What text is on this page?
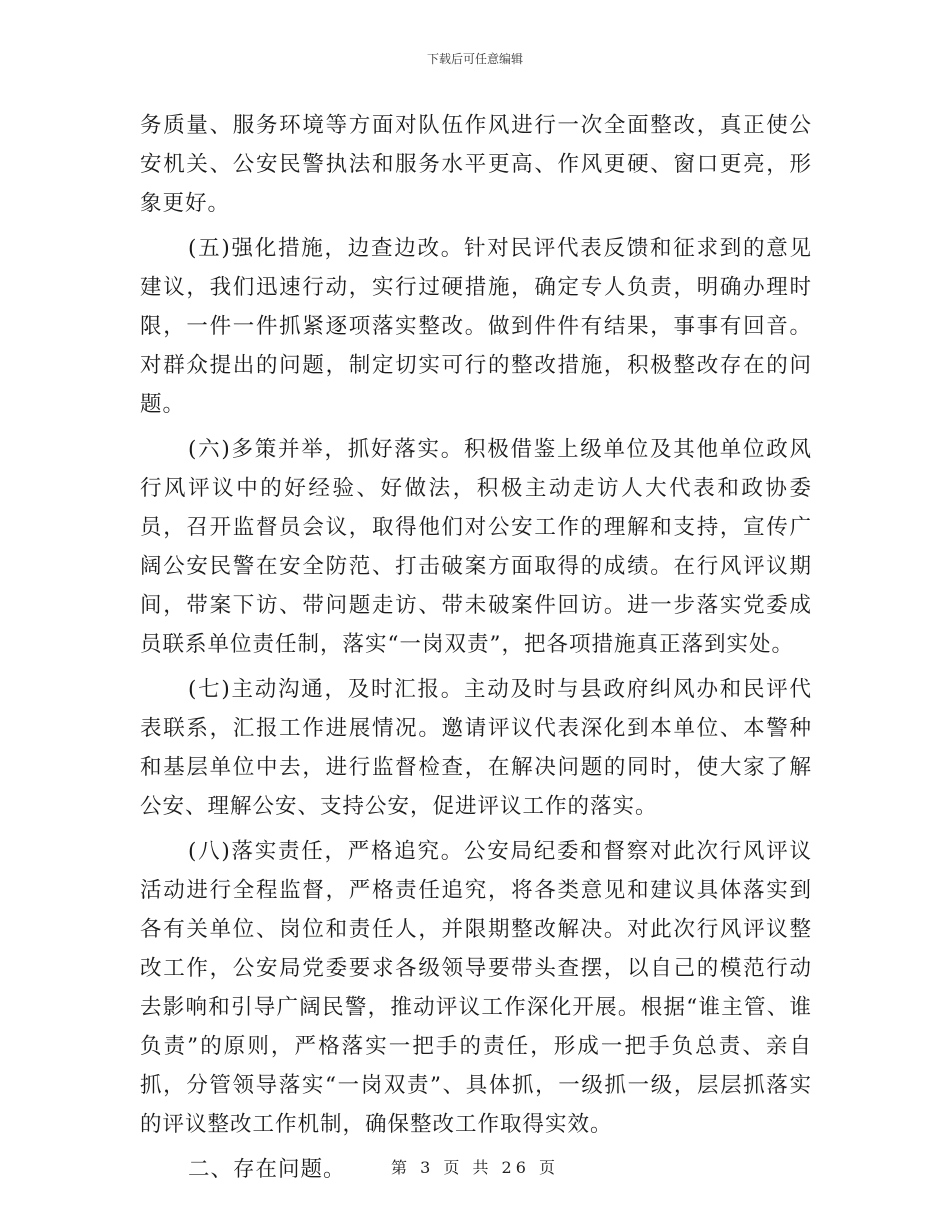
下载后可任意编辑

务质量、服务环境等方面对队伍作风进行一次全面整改，真正使公安机关、公安民警执法和服务水平更高、作风更硬、窗口更亮，形象更好。

(五)强化措施，边查边改。针对民评代表反馈和征求到的意见建议，我们迅速行动，实行过硬措施，确定专人负责，明确办理时限，一件一件抓紧逐项落实整改。做到件件有结果，事事有回音。对群众提出的问题，制定切实可行的整改措施，积极整改存在的问题。

(六)多策并举，抓好落实。积极借鉴上级单位及其他单位政风行风评议中的好经验、好做法，积极主动走访人大代表和政协委员，召开监督员会议，取得他们对公安工作的理解和支持，宣传广阔公安民警在安全防范、打击破案方面取得的成绩。在行风评议期间，带案下访、带问题走访、带未破案件回访。进一步落实党委成员联系单位责任制，落实“一岗双责”，把各项措施真正落到实处。

(七)主动沟通，及时汇报。主动及时与县政府纠风办和民评代表联系，汇报工作进展情况。邀请评议代表深化到本单位、本警种和基层单位中去，进行监督检查，在解决问题的同时，使大家了解公安、理解公安、支持公安，促进评议工作的落实。

(八)落实责任，严格追究。公安局纪委和督察对此次行风评议活动进行全程监督，严格责任追究，将各类意见和建议具体落实到各有关单位、岗位和责任人，并限期整改解决。对此次行风评议整改工作，公安局党委要求各级领导要带头查摆，以自己的模范行动去影响和引导广阔民警，推动评议工作深化开展。根据“谁主管、谁负责”的原则，严格落实一把手的责任，形成一把手负总责、亲自抓，分管领导落实“一岗双责”、具体抓，一级抓一级，层层抓落实的评议整改工作机制，确保整改工作取得实效。

二、存在问题。	第 3 页 共 26 页
